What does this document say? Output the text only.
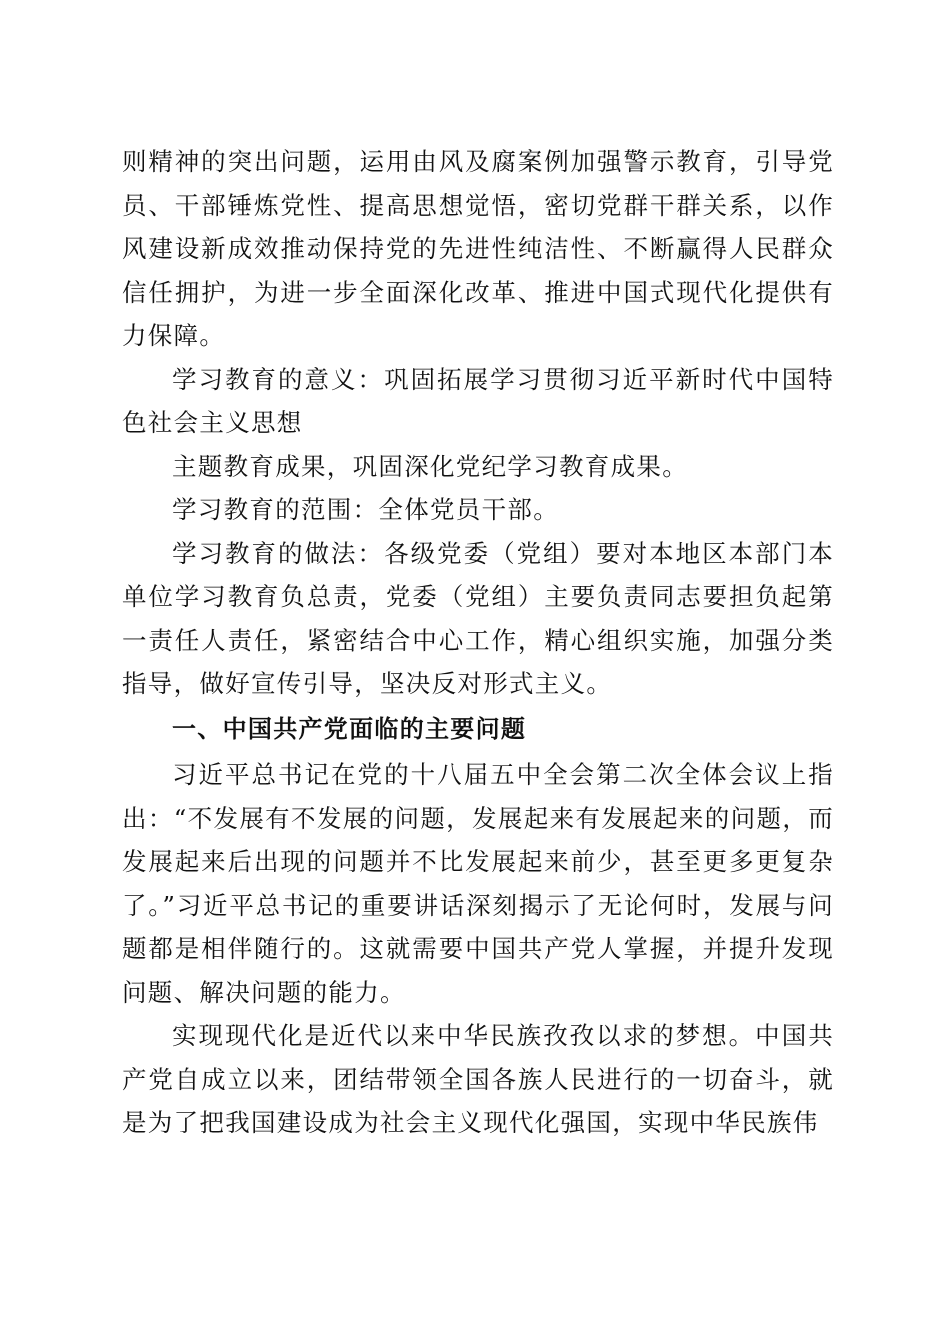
则精神的突出问题，运用由风及腐案例加强警示教育，引导党员、干部锤炼党性、提高思想觉悟，密切党群干群关系，以作风建设新成效推动保持党的先进性纯洁性、不断赢得人民群众信任拥护，为进一步全面深化改革、推进中国式现代化提供有力保障。

学习教育的意义：巩固拓展学习贯彻习近平新时代中国特色社会主义思想

主题教育成果，巩固深化党纪学习教育成果。

学习教育的范围：全体党员干部。

学习教育的做法：各级党委（党组）要对本地区本部门本单位学习教育负总责，党委（党组）主要负责同志要担负起第一责任人责任，紧密结合中心工作，精心组织实施，加强分类指导，做好宣传引导，坚决反对形式主义。

一、中国共产党面临的主要问题

习近平总书记在党的十八届五中全会第二次全体会议上指出：“不发展有不发展的问题，发展起来有发展起来的问题，而发展起来后出现的问题并不比发展起来前少，甚至更多更复杂了。”习近平总书记的重要讲话深刻揭示了无论何时，发展与问题都是相伴随行的。这就需要中国共产党人掌握，并提升发现问题、解决问题的能力。

实现现代化是近代以来中华民族孜孜以求的梦想。中国共产党自成立以来，团结带领全国各族人民进行的一切奋斗，就是为了把我国建设成为社会主义现代化强国，实现中华民族伟
